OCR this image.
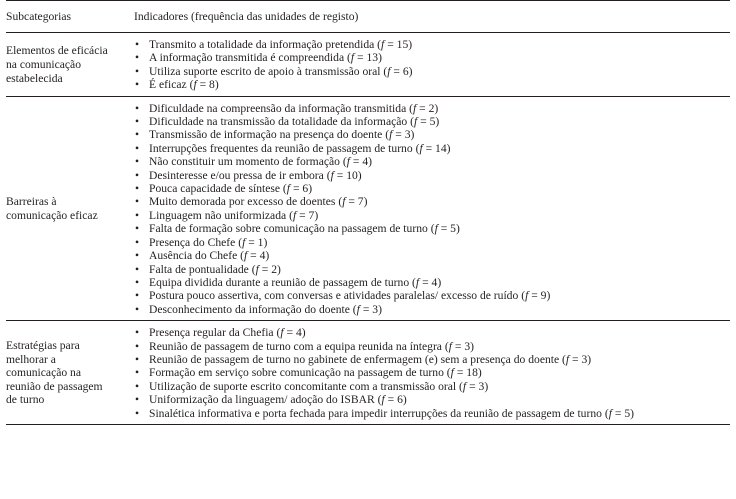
Subcategorias	Indicadores (frequência das unidades de registo)
Elementos de eficácia
na comunicação
estabelecida
• Transmito a totalidade da informação pretendida (f = 15)
• A informação transmitida é compreendida (f = 13)
• Utiliza suporte escrito de apoio à transmissão oral (f = 6)
• É eficaz (f = 8)
Barreiras à
comunicação eficaz
• Dificuldade na compreensão da informação transmitida (f = 2)
• Dificuldade na transmissão da totalidade da informação (f = 5)
• Transmissão de informação na presença do doente (f = 3)
• Interrupções frequentes da reunião de passagem de turno (f = 14)
• Não constituir um momento de formação (f = 4)
• Desinteresse e/ou pressa de ir embora (f = 10)
• Pouca capacidade de síntese (f = 6)
• Muito demorada por excesso de doentes (f = 7)
• Linguagem não uniformizada (f = 7)
• Falta de formação sobre comunicação na passagem de turno (f = 5)
• Presença do Chefe (f = 1)
• Ausência do Chefe (f = 4)
• Falta de pontualidade (f = 2)
• Equipa dividida durante a reunião de passagem de turno (f = 4)
• Postura pouco assertiva, com conversas e atividades paralelas/ excesso de ruído (f = 9)
• Desconhecimento da informação do doente (f = 3)
Estratégias para
melhorar a
comunicação na
reunião de passagem
de turno
• Presença regular da Chefia (f = 4)
• Reunião de passagem de turno com a equipa reunida na íntegra (f = 3)
• Reunião de passagem de turno no gabinete de enfermagem (e) sem a presença do doente (f = 3)
• Formação em serviço sobre comunicação na passagem de turno (f = 18)
• Utilização de suporte escrito concomitante com a transmissão oral (f = 3)
• Uniformização da linguagem/ adoção do ISBAR (f = 6)
• Sinalética informativa e porta fechada para impedir interrupções da reunião de passagem de turno (f = 5)
